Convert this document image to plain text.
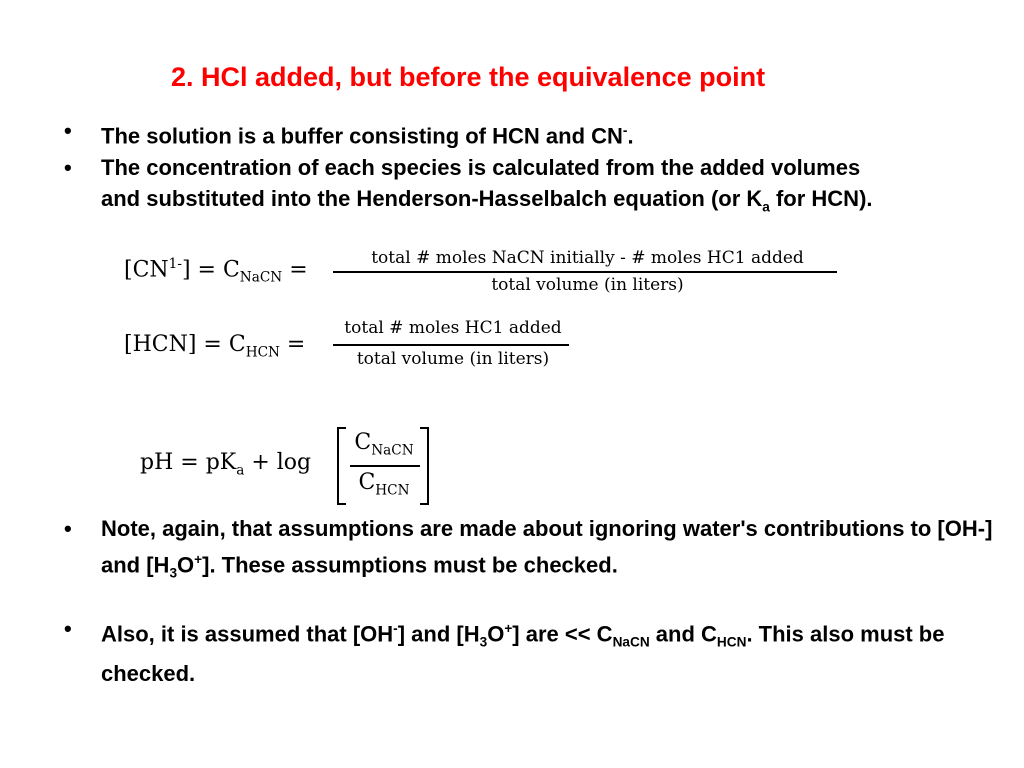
2. HCl added, but before the equivalence point
• The solution is a buffer consisting of HCN and CN-.
• The concentration of each species is calculated from the added volumes and substituted into the Henderson-Hasselbalch equation (or $K_a$ for HCN).
$[CN^{1-}] = C_{NaCN}$ =	total # moles NaCN initially - # moles HC1 added
total volume (in liters)
$[HCN] = C_{HCN}$ =
total # moles HC1 added
total volume (in liters)
pH = $pK_a + \log$
$C_{NaCN}$
$C_{HCN}$
• Note, again, that assumptions are made about ignoring water's contributions to [OH-] and $[H_3O^+]$. These assumptions must be checked.
• Also, it is assumed that [OH-] and $[H_3O^+]$ are << $C_{NaCN}$ and $C_{HCN}$. This also must be checked.
